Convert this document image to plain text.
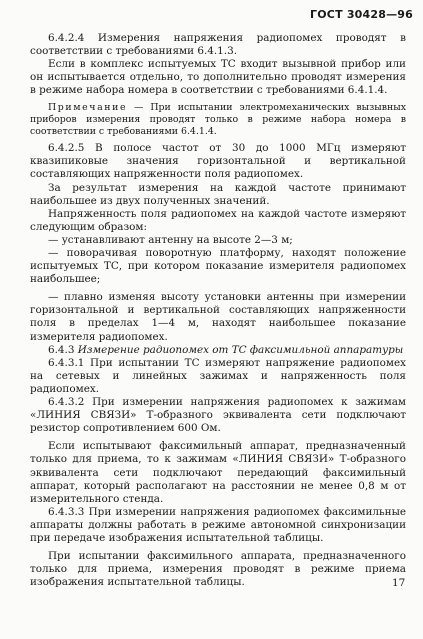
ГОСТ 30428—96

6.4.2.4 Измерения напряжения радиопомех проводят в соответствии с требованиями 6.4.1.3.

Если в комплекс испытуемых ТС входит вызывной прибор или он испытывается отдельно, то дополнительно проводят измерения в режиме набора номера в соответствии с требованиями 6.4.1.4.

Примечание — При испытании электромеханических вызывных приборов измерения проводят только в режиме набора номера в соответствии с требованиями 6.4.1.4.

6.4.2.5 В полосе частот от 30 до 1000 МГц измеряют квазипиковые значения горизонтальной и вертикальной составляющих напряженности поля радиопомех.

За результат измерения на каждой частоте принимают наибольшее из двух полученных значений.

Напряженность поля радиопомех на каждой частоте измеряют следующим образом:

— устанавливают антенну на высоте 2—3 м;

— поворачивая поворотную платформу, находят положение испытуемых ТС, при котором показание измерителя радиопомех наибольшее;

— плавно изменяя высоту установки антенны при измерении горизонтальной и вертикальной составляющих напряженности поля в пределах 1—4 м, находят наибольшее показание измерителя радиопомех.

6.4.3 Измерение радиопомех от ТС факсимильной аппаратуры

6.4.3.1 При испытании ТС измеряют напряжение радиопомех на сетевых и линейных зажимах и напряженность поля радиопомех.

6.4.3.2 При измерении напряжения радиопомех к зажимам «ЛИНИЯ СВЯЗИ» Т-образного эквивалента сети подключают резистор сопротивлением 600 Ом.

Если испытывают факсимильный аппарат, предназначенный только для приема, то к зажимам «ЛИНИЯ СВЯЗИ» Т-образного эквивалента сети подключают передающий факсимильный аппарат, который располагают на расстоянии не менее 0,8 м от измерительного стенда.

6.4.3.3 При измерении напряжения радиопомех факсимильные аппараты должны работать в режиме автономной синхронизации при передаче изображения испытательной таблицы.

При испытании факсимильного аппарата, предназначенного только для приема, измерения проводят в режиме приема изображения испытательной таблицы.	17
